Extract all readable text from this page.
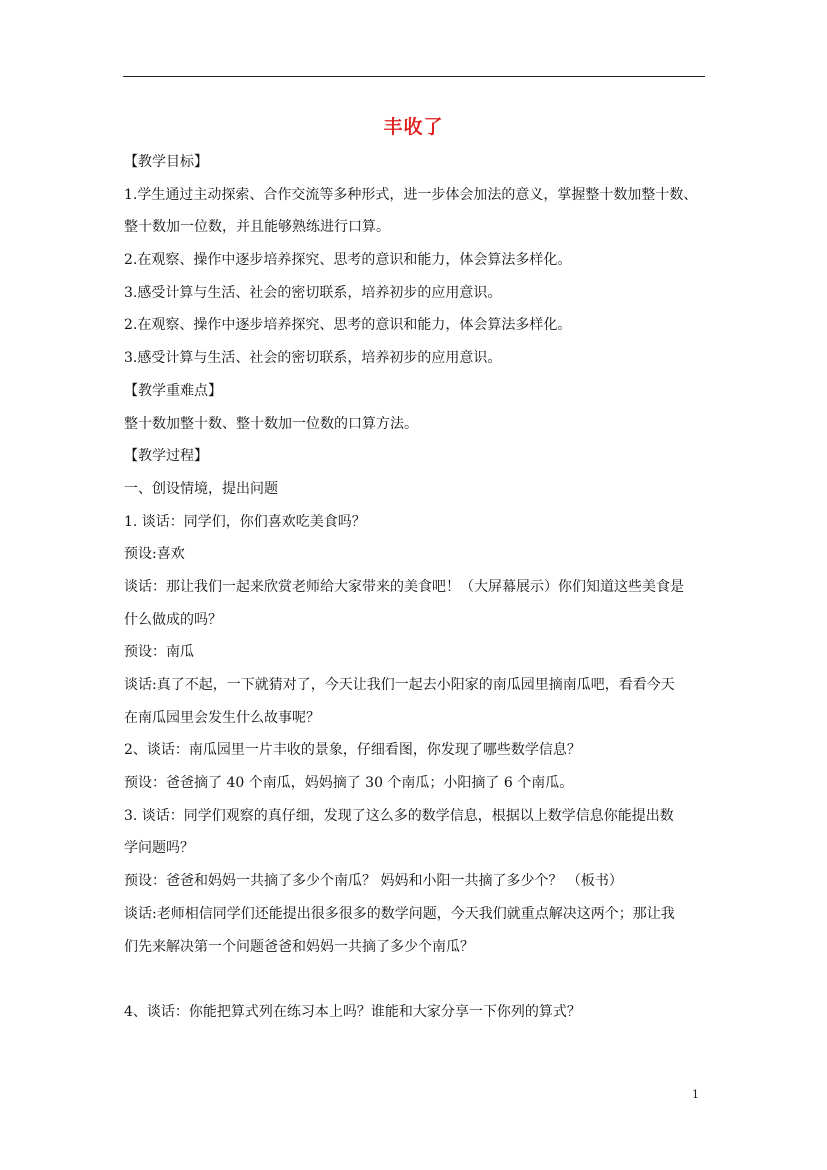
丰收了
【教学目标】
1.学生通过主动探索、合作交流等多种形式，进一步体会加法的意义，掌握整十数加整十数、
整十数加一位数，并且能够熟练进行口算。
2.在观察、操作中逐步培养探究、思考的意识和能力，体会算法多样化。
3.感受计算与生活、社会的密切联系，培养初步的应用意识。
2.在观察、操作中逐步培养探究、思考的意识和能力，体会算法多样化。
3.感受计算与生活、社会的密切联系，培养初步的应用意识。
【教学重难点】
整十数加整十数、整十数加一位数的口算方法。
【教学过程】
一、创设情境，提出问题
1. 谈话：同学们，你们喜欢吃美食吗？
预设:喜欢
谈话：那让我们一起来欣赏老师给大家带来的美食吧！（大屏幕展示）你们知道这些美食是
什么做成的吗？
预设：南瓜
谈话:真了不起，一下就猜对了，今天让我们一起去小阳家的南瓜园里摘南瓜吧，看看今天
在南瓜园里会发生什么故事呢？
2、谈话：南瓜园里一片丰收的景象，仔细看图，你发现了哪些数学信息？
预设：爸爸摘了 40 个南瓜，妈妈摘了 30 个南瓜；小阳摘了 6 个南瓜。
3. 谈话：同学们观察的真仔细，发现了这么多的数学信息，根据以上数学信息你能提出数
学问题吗？
预设：爸爸和妈妈一共摘了多少个南瓜？ 妈妈和小阳一共摘了多少个？ （板书）
谈话:老师相信同学们还能提出很多很多的数学问题，今天我们就重点解决这两个；那让我
们先来解决第一个问题爸爸和妈妈一共摘了多少个南瓜？
4、谈话：你能把算式列在练习本上吗？谁能和大家分享一下你列的算式？
1
